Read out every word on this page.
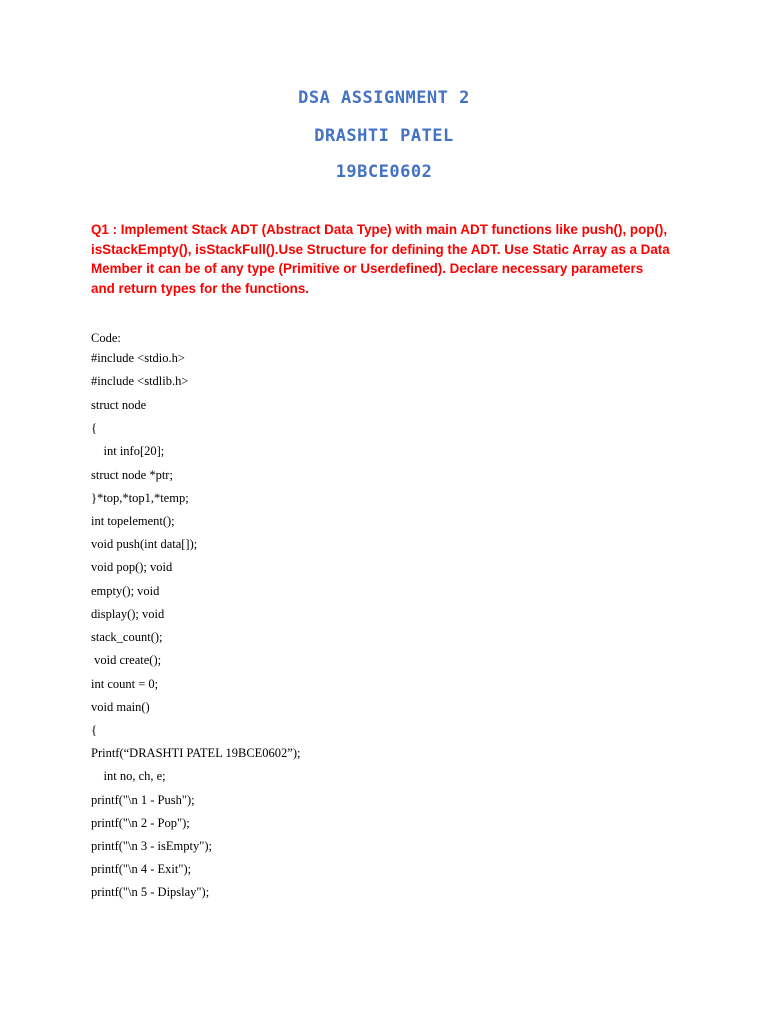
DSA ASSIGNMENT 2
DRASHTI PATEL
19BCE0602
Q1 : Implement Stack ADT (Abstract Data Type) with main ADT functions like push(), pop(),
isStackEmpty(), isStackFull().Use Structure for defining the ADT. Use Static Array as a Data
Member it can be of any type (Primitive or Userdefined). Declare necessary parameters
and return types for the functions.
Code:
#include <stdio.h>
#include <stdlib.h>
struct node
{
int info[20];
struct node *ptr;
}*top,*top1,*temp;
int topelement();
void push(int data[]);
void pop(); void
empty(); void
display(); void
stack_count();
void create();
int count = 0;
void main()
{
Printf(“DRASHTI PATEL 19BCE0602”);
int no, ch, e;
printf("\n 1 - Push");
printf("\n 2 - Pop");
printf("\n 3 - isEmpty");
printf("\n 4 - Exit");
printf("\n 5 - Dipslay");
